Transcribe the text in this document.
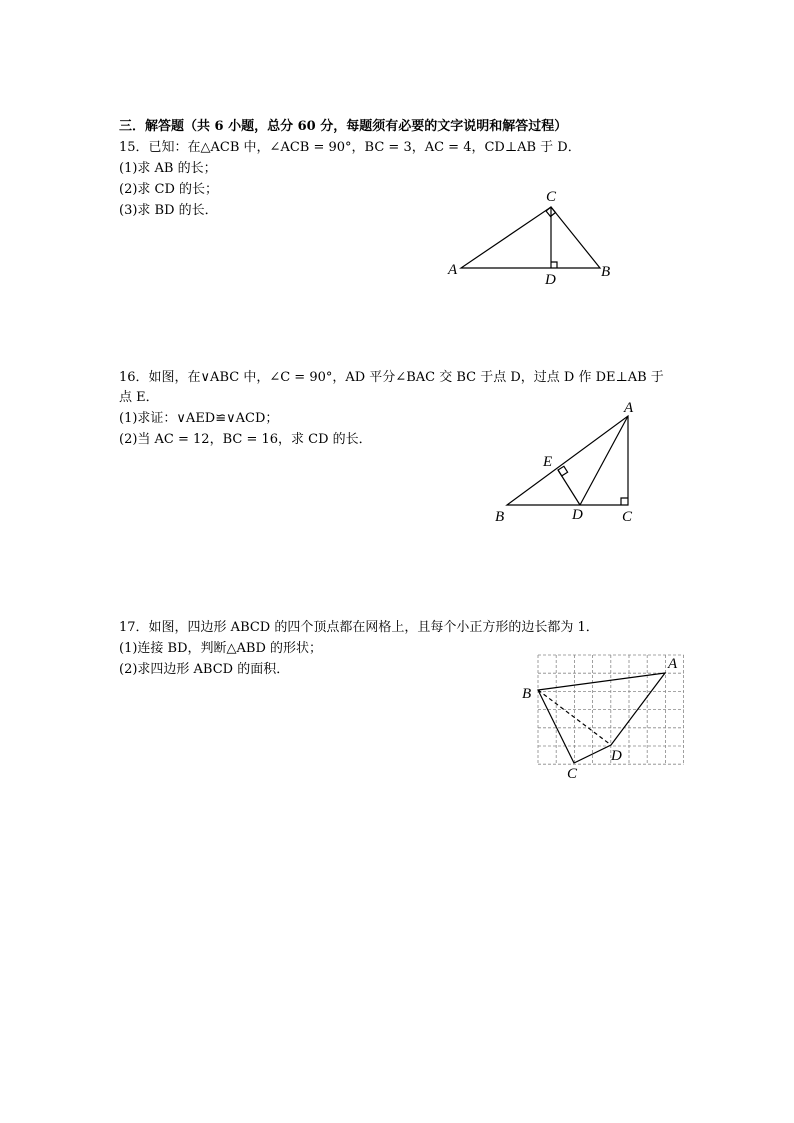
三．解答题（共 6 小题，总分 60 分，每题须有必要的文字说明和解答过程）
15．已知：在△ACB 中，∠ACB = 90°，BC = 3，AC = 4，CD⊥AB 于 D．
(1)求 AB 的长；
(2)求 CD 的长；
(3)求 BD 的长．
C
A
D	B
16．如图，在∨ABC 中，∠C = 90°，AD 平分∠BAC 交 BC 于点 D，过点 D 作 DE⊥AB 于
点 E．
(1)求证：∨AED≌∨ACD；
(2)当 AC = 12，BC = 16，求 CD 的长．
A
E
B	D	C
17．如图，四边形 ABCD 的四个顶点都在网格上，且每个小正方形的边长都为 1．
(1)连接 BD，判断△ABD 的形状；
(2)求四边形 ABCD 的面积．	A
B
D
C
